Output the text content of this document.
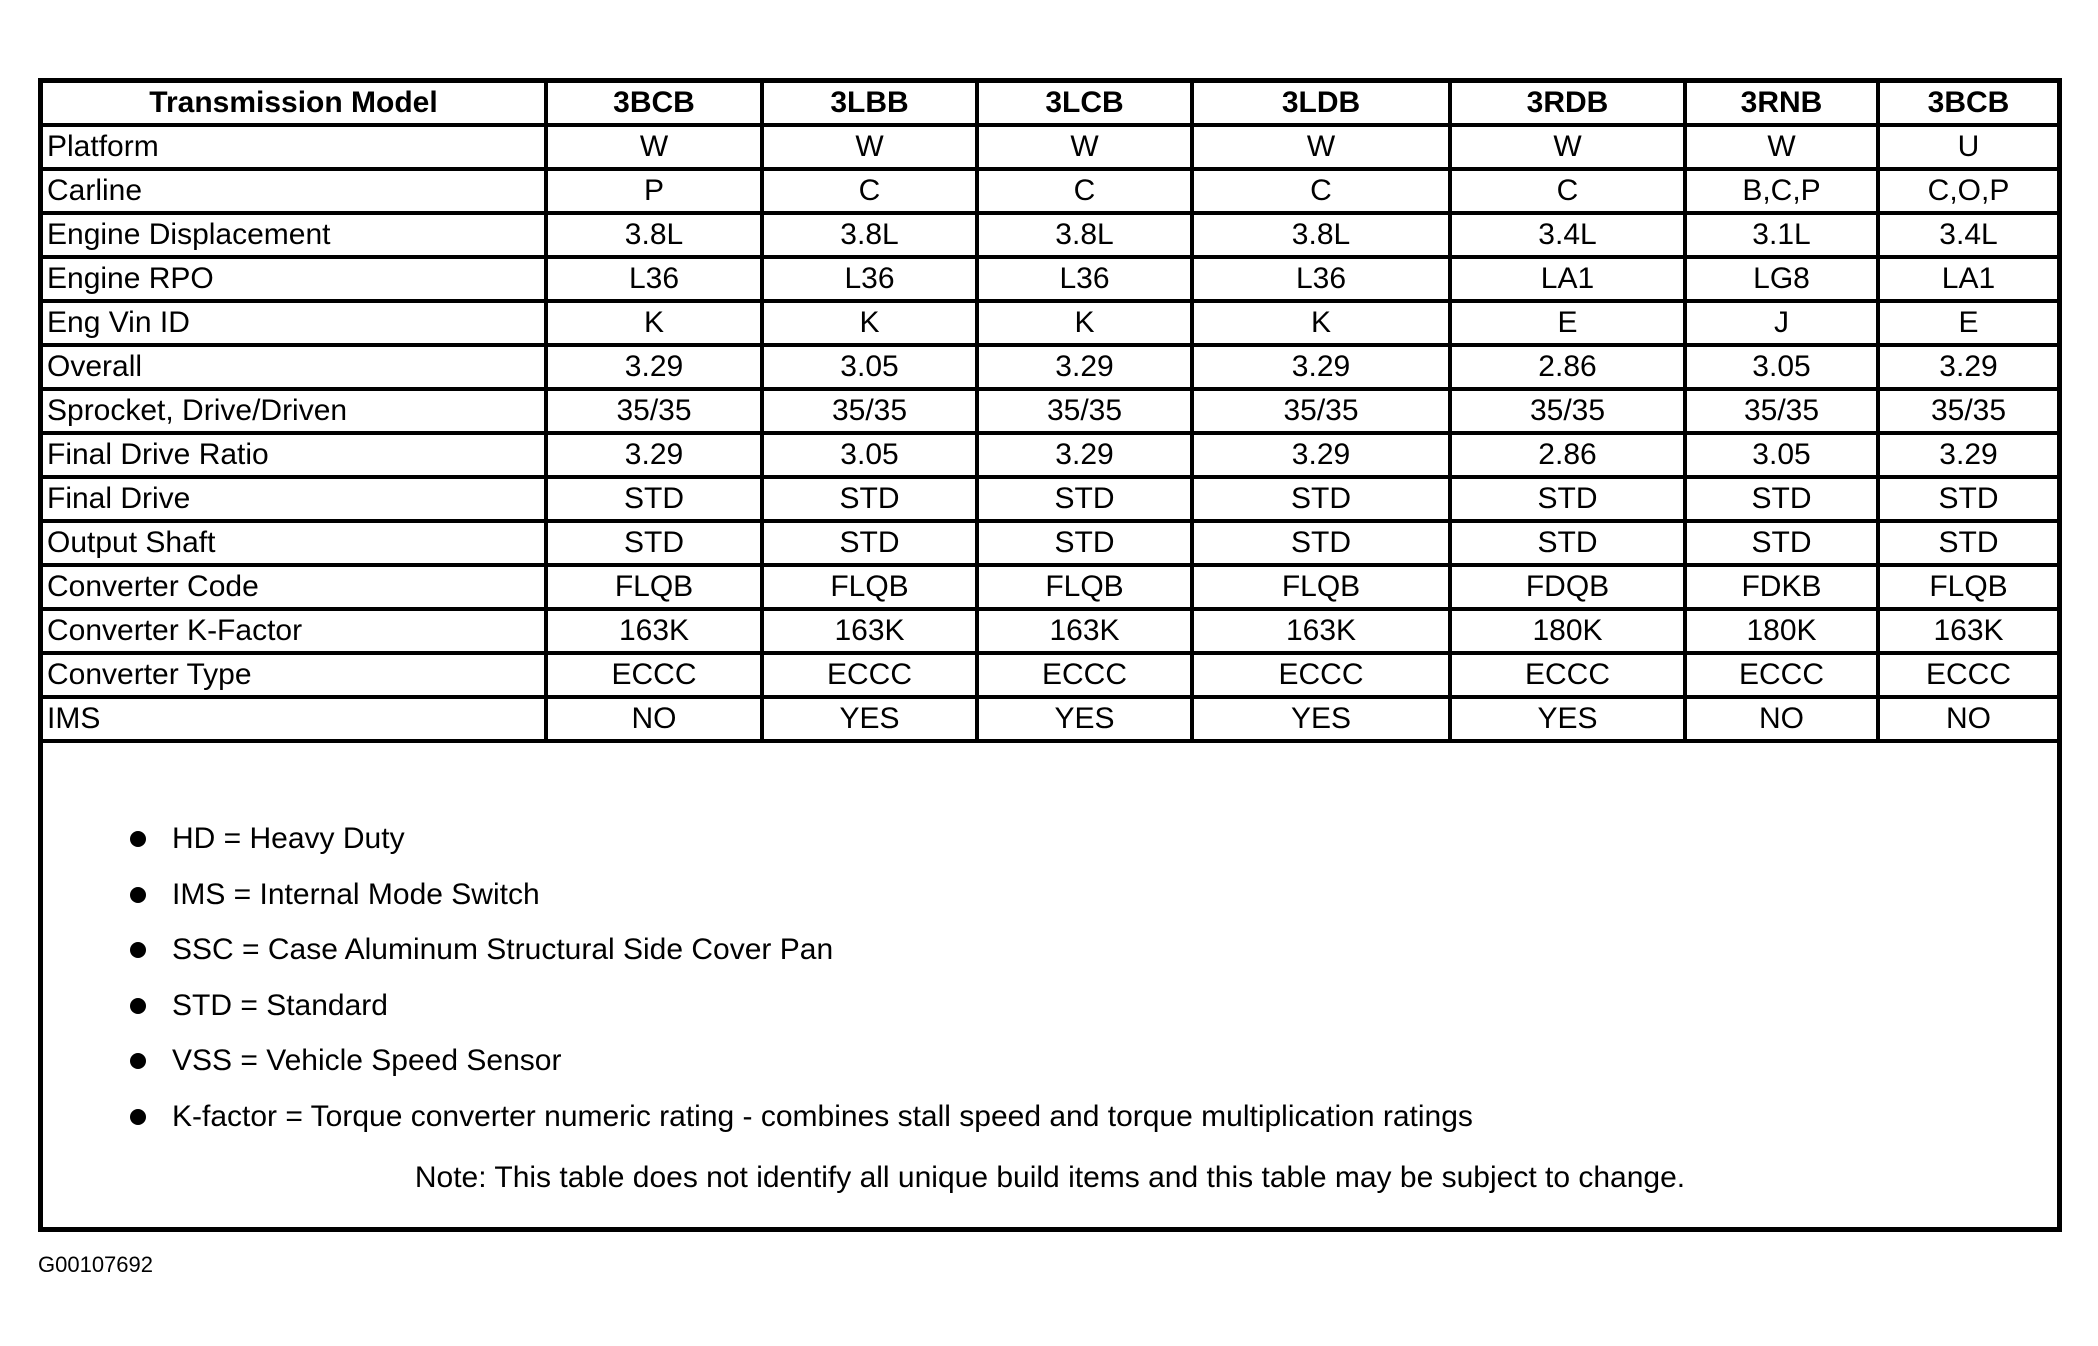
Transmission Model	3BCB	3LBB	3LCB	3LDB	3RDB	3RNB	3BCB
Platform	W	W	W	W	W	W	U
Carline	P	C	C	C	C	B,C,P	C,O,P
Engine Displacement	3.8L	3.8L	3.8L	3.8L	3.4L	3.1L	3.4L
Engine RPO	L36	L36	L36	L36	LA1	LG8	LA1
Eng Vin ID	K	K	K	K	E	J	E
Overall	3.29	3.05	3.29	3.29	2.86	3.05	3.29
Sprocket, Drive/Driven	35/35	35/35	35/35	35/35	35/35	35/35	35/35
Final Drive Ratio	3.29	3.05	3.29	3.29	2.86	3.05	3.29
Final Drive	STD	STD	STD	STD	STD	STD	STD
Output Shaft	STD	STD	STD	STD	STD	STD	STD
Converter Code	FLQB	FLQB	FLQB	FLQB	FDQB	FDKB	FLQB
Converter K-Factor	163K	163K	163K	163K	180K	180K	163K
Converter Type	ECCC	ECCC	ECCC	ECCC	ECCC	ECCC	ECCC
IMS	NO	YES	YES	YES	YES	NO	NO
HD = Heavy Duty
IMS = Internal Mode Switch
SSC = Case Aluminum Structural Side Cover Pan
STD = Standard
VSS = Vehicle Speed Sensor
K-factor = Torque converter numeric rating - combines stall speed and torque multiplication ratings
Note: This table does not identify all unique build items and this table may be subject to change.
G00107692
